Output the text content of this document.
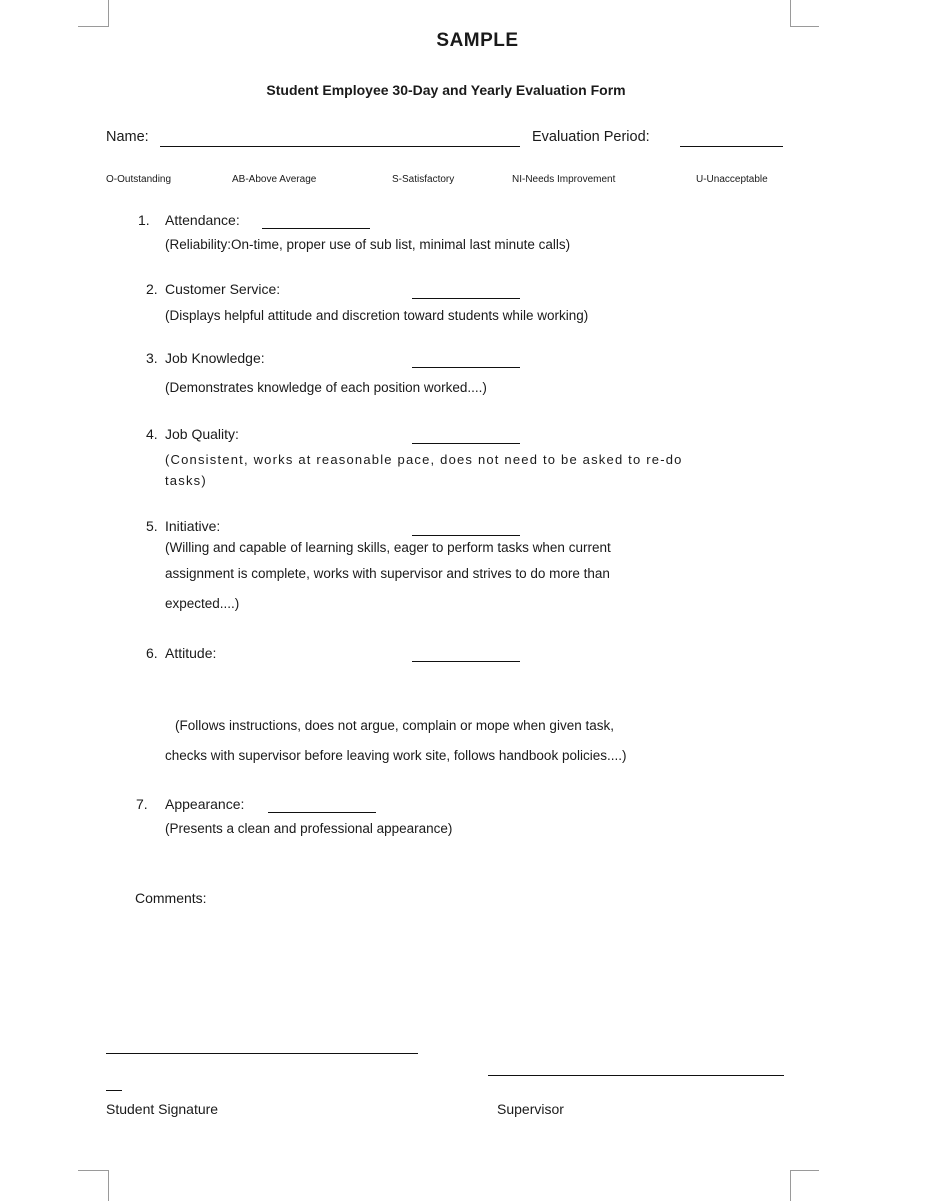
SAMPLE
Student Employee 30-Day and Yearly Evaluation Form
Name:	Evaluation Period:
O-Outstanding	AB-Above Average	S-Satisfactory	NI-Needs Improvement	U-Unacceptable
1. Attendance:
(Reliability:On-time, proper use of sub list, minimal last minute calls)
2. Customer Service:
(Displays helpful attitude and discretion toward students while working)
3. Job Knowledge:
(Demonstrates knowledge of each position worked....)
4. Job Quality:
(Consistent, works at reasonable pace, does not need to be asked to re-do
tasks)
5. Initiative:
(Willing and capable of learning skills, eager to perform tasks when current
assignment is complete, works with supervisor and strives to do more than
expected....)
6. Attitude:
(Follows instructions, does not argue, complain or mope when given task,
checks with supervisor before leaving work site, follows handbook policies....)
7. Appearance:
(Presents a clean and professional appearance)
Comments:
Student Signature	Supervisor
